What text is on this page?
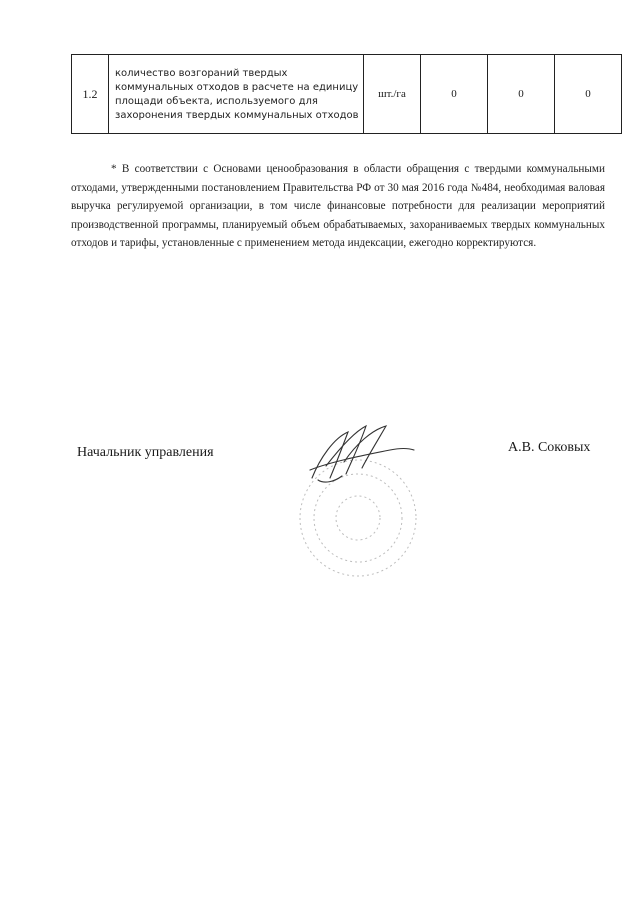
1.2	количество возгораний твердых коммунальных отходов в расчете на единицу площади объекта, используемого для захоронения твердых коммунальных отходов	шт./га	0	0	0
* В соответствии с Основами ценообразования в области обращения с твердыми коммунальными отходами, утвержденными постановлением Правительства РФ от 30 мая 2016 года №484, необходимая валовая выручка регулируемой организации, в том числе финансовые потребности для реализации мероприятий производственной программы, планируемый объем обрабатываемых, захораниваемых твердых коммунальных отходов и тарифы, установленные с применением метода индексации, ежегодно корректируются.
Начальник управления	А.В. Соковых
